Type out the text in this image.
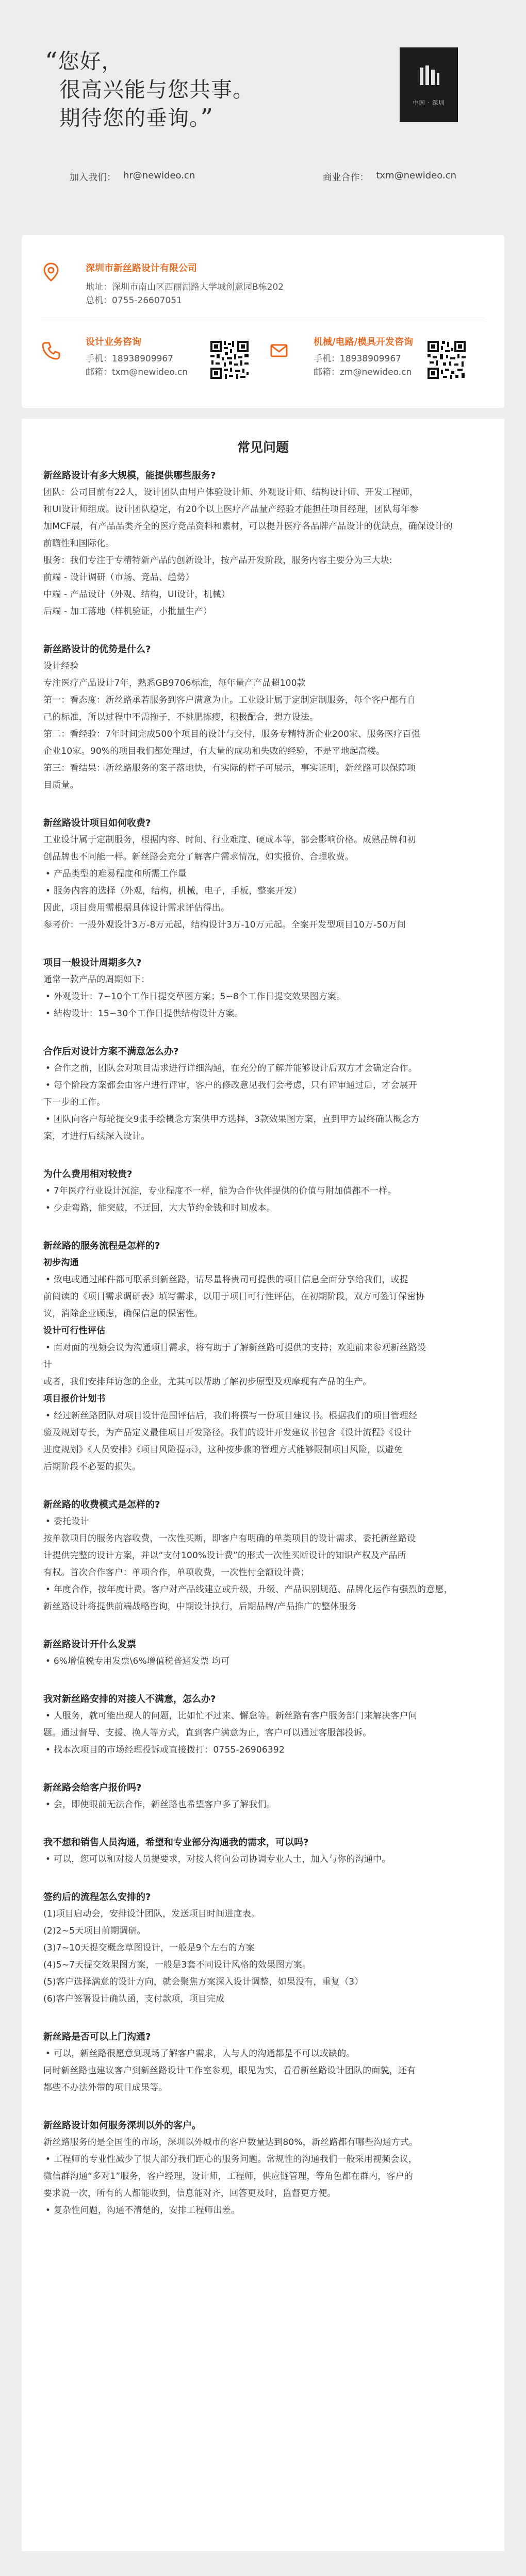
“您好，
很高兴能与您共事。
期待您的垂询。”
中国 · 深圳
加入我们： hr@newideo.cn	商业合作： txm@newideo.cn
深圳市新丝路设计有限公司
地址：深圳市南山区西丽湖路大学城创意园B栋202
总机：0755-26607051
设计业务咨询
手机：18938909967
邮箱：txm@newideo.cn
机械/电路/模具开发咨询
手机：18938909967
邮箱：zm@newideo.cn
常见问题
新丝路设计有多大规模，能提供哪些服务?
团队：公司目前有22人，设计团队由用户体验设计师、外观设计师、结构设计师、开发工程师，
和UI设计师组成。设计团队稳定，有20个以上医疗产品量产经验才能担任项目经理，团队每年参
加MCF展，有产品品类齐全的医疗竞品资料和素材，可以提升医疗各品牌产品设计的优缺点，确保设计的
前瞻性和国际化。
服务：我们专注于专精特新产品的创新设计，按产品开发阶段，服务内容主要分为三大块:
前端 - 设计调研（市场、竞品、趋势）
中端 - 产品设计（外观、结构，UI设计，机械）
后端 - 加工落地（样机验证，小批量生产）
新丝路设计的优势是什么?
设计经验
专注医疗产品设计7年，熟悉GB9706标准，每年量产产品超100款
第一：看态度：新丝路承若服务到客户满意为止。工业设计属于定制定制服务，每个客户都有自
己的标准，所以过程中不需拖子，不挑肥拣瘦，积极配合，想方设法。
第二：看经验：7年时间完成500个项目的设计与交付，服务专精特新企业200家、服务医疗百强
企业10家。90%的项目我们都处理过，有大量的成功和失败的经验，不是平地起高楼。
第三：看结果：新丝路服务的案子落地快，有实际的样子可展示，事实证明，新丝路可以保障项
目质量。
新丝路设计项目如何收费?
工业设计属于定制服务，根据内容、时间、行业难度、硬成本等，都会影响价格。成熟品牌和初
创品牌也不同能一样。新丝路会充分了解客户需求情况，如实报价、合理收费。
• 产品类型的难易程度和所需工作量
• 服务内容的选择（外观，结构，机械，电子，手板，整案开发）
因此，项目费用需根据具体设计需求评估得出。
参考价：一般外观设计3万-8万元起，结构设计3万-10万元起。全案开发型项目10万-50万间
项目一般设计周期多久?
通常一款产品的周期如下：
• 外观设计：7~10个工作日提交草图方案；5~8个工作日提交效果图方案。
• 结构设计：15~30个工作日提供结构设计方案。
合作后对设计方案不满意怎么办?
• 合作之前，团队会对项目需求进行详细沟通，在充分的了解并能够设计后双方才会确定合作。
• 每个阶段方案都会由客户进行评审，客户的修改意见我们会考虑，只有评审通过后，才会展开
下一步的工作。
• 团队向客户每轮提交9张手绘概念方案供甲方选择，3款效果图方案，直到甲方最终确认概念方
案，才进行后续深入设计。
为什么费用相对较贵?
• 7年医疗行业设计沉淀，专业程度不一样，能为合作伙伴提供的价值与附加值都不一样。
• 少走弯路，能突破，不迂回，大大节约金钱和时间成本。
新丝路的服务流程是怎样的?
初步沟通
• 致电或通过邮件都可联系到新丝路，请尽量将贵司可提供的项目信息全面分享给我们，或提
前阅读的《项目需求调研表》填写需求，以用于项目可行性评估，在初期阶段，双方可签订保密协
议，消除企业顾虑，确保信息的保密性。
设计可行性评估
• 面对面的视频会议为沟通项目需求，将有助于了解新丝路可提供的支持；欢迎前来参观新丝路设
计
或者，我们安排拜访您的企业，尤其可以帮助了解初步原型及观摩现有产品的生产。
项目报价计划书
• 经过新丝路团队对项目设计范围评估后，我们将撰写一份项目建议书。根据我们的项目管理经
验及规划专长，为产品定义最佳项目开发路径。我们的设计开发建议书包含《设计流程》《设计
进度规划》《人员安排》《项目风险提示》，这种按步骤的管理方式能够限制项目风险，以避免
后期阶段不必要的损失。
新丝路的收费模式是怎样的?
• 委托设计
按单款项目的服务内容收费，一次性买断，即客户有明确的单类项目的设计需求，委托新丝路设
计提供完整的设计方案，并以“支付100%设计费”的形式一次性买断设计的知识产权及产品所
有权。首次合作客户：单项合作，单项收费，一次性付全额设计费；
• 年度合作，按年度计费。客户对产品线建立或升级，升级、产品识别规范、品牌化运作有强烈的意愿，
新丝路设计将提供前端战略咨询，中期设计执行，后期品牌/产品推广的整体服务
新丝路设计开什么发票
• 6%增值税专用发票\6%增值税普通发票 均可
我对新丝路安排的对接人不满意，怎么办?
• 人服务，就可能出现人的问题，比如忙不过来、懈怠等。新丝路有客户服务部门来解决客户问
题。通过督导、支援、换人等方式，直到客户满意为止，客户可以通过客服部投诉。
• 找本次项目的市场经理投诉或直接拨打：0755-26906392
新丝路会给客户报价吗?
• 会，即使眼前无法合作，新丝路也希望客户多了解我们。
我不想和销售人员沟通，希望和专业部分沟通我的需求，可以吗?
• 可以，您可以和对接人员提要求，对接人将向公司协调专业人士，加入与你的沟通中。
签约后的流程怎么安排的?
(1)项目启动会，安排设计团队，发送项目时间进度表。
(2)2~5天项目前期调研。
(3)7~10天提交概念草图设计，一般是9个左右的方案
(4)5~7天提交效果图方案，一般是3套不同设计风格的效果图方案。
(5)客户选择满意的设计方向，就会聚焦方案深入设计调整，如果没有，重复（3）
(6)客户签署设计确认函，支付款项，项目完成
新丝路是否可以上门沟通?
• 可以，新丝路很愿意到现场了解客户需求，人与人的沟通都是不可以或缺的。
同时新丝路也建议客户到新丝路设计工作室参观，眼见为实，看看新丝路设计团队的面貌，还有
都些不办法外带的项目成果等。
新丝路设计如何服务深圳以外的客户。
新丝路服务的是全国性的市场，深圳以外城市的客户数量达到80%，新丝路都有哪些沟通方式。
• 工程师的专业性减少了很大部分我们距心的服务问题。常规性的沟通我们一般采用视频会议，
微信群沟通“多对1”服务，客户经理，设计师，工程师，供应链管理，等角色都在群内，客户的
要求说一次，所有的人都能收到，信息能对齐，回答更及时，监督更方便。
• 复杂性问题，沟通不清楚的，安排工程师出差。
